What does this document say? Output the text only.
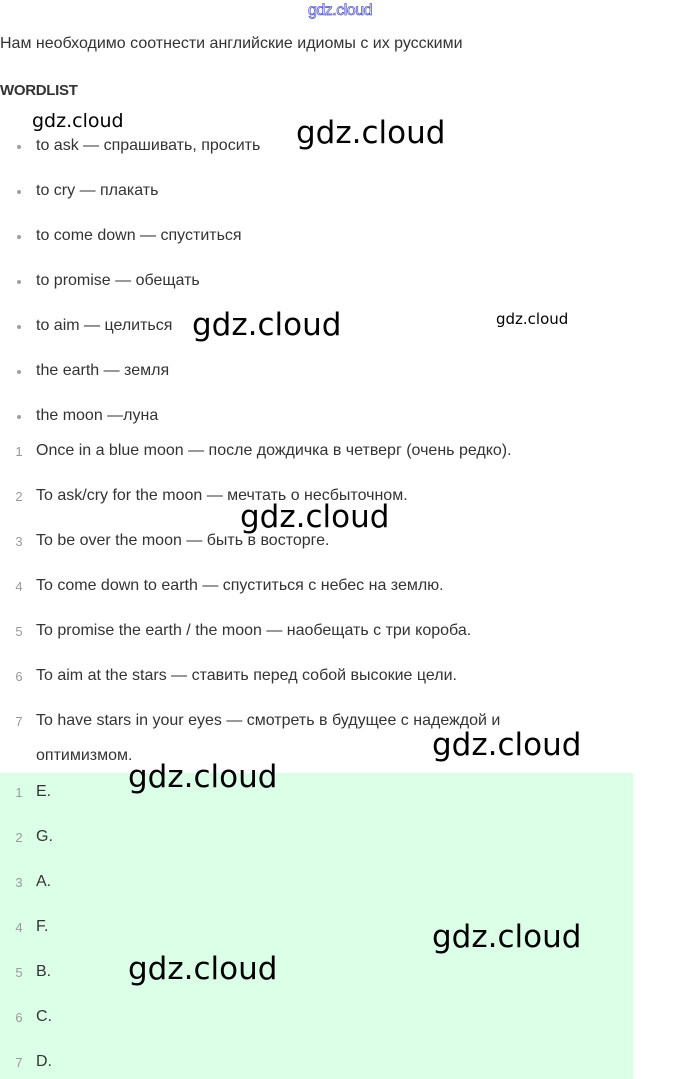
gdz.cloud
Нам необходимо соотнести английские идиомы с их русскими
WORDLIST
to ask — спрашивать, просить
to cry — плакать
to come down — спуститься
to promise — обещать
to aim — целиться
the earth — земля
the moon —луна
1 Once in a blue moon — после дождичка в четверг (очень редко).
2 To ask/cry for the moon — мечтать о несбыточном.
3 To be over the moon — быть в восторге.
4 To come down to earth — спуститься с небес на землю.
5 To promise the earth / the moon — наобещать с три короба.
6 To aim at the stars — ставить перед собой высокие цели.
7 To have stars in your eyes — смотреть в будущее с надеждой и оптимизмом.
1 E.
2 G.
3 A.
4 F.
5 B.
6 C.
7 D.
gdz.cloud	gdz.cloud
gdz.cloud	gdz.cloud
gdz.cloud
gdz.cloud
gdz.cloud
gdz.cloud
gdz.cloud
